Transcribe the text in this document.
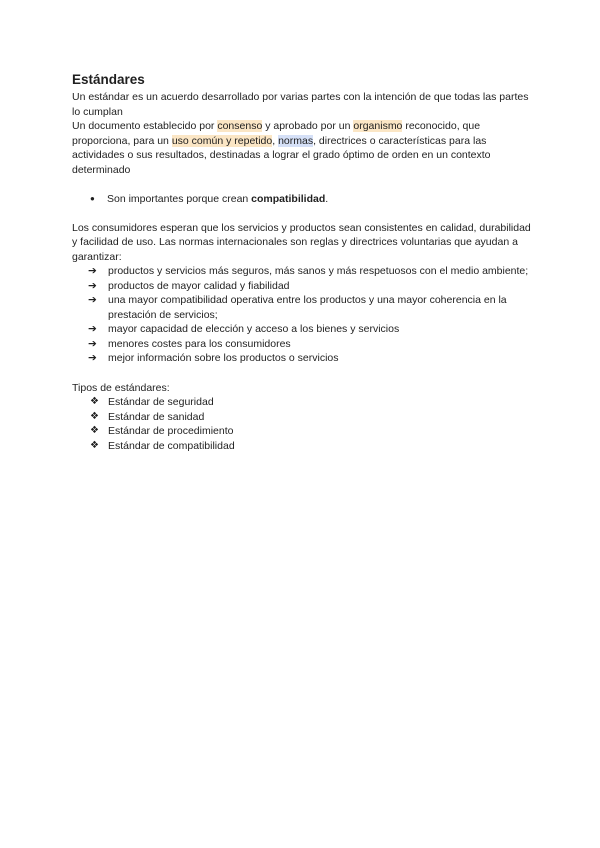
Estándares

Un estándar es un acuerdo desarrollado por varias partes con la intención de que todas las partes lo cumplan

Un documento establecido por consenso y aprobado por un organismo reconocido, que proporciona, para un uso común y repetido, normas, directrices o características para las actividades o sus resultados, destinadas a lograr el grado óptimo de orden en un contexto determinado

● Son importantes porque crean compatibilidad.

Los consumidores esperan que los servicios y productos sean consistentes en calidad, durabilidad y facilidad de uso. Las normas internacionales son reglas y directrices voluntarias que ayudan a garantizar:

➔ productos y servicios más seguros, más sanos y más respetuosos con el medio ambiente;
➔ productos de mayor calidad y fiabilidad
➔ una mayor compatibilidad operativa entre los productos y una mayor coherencia en la prestación de servicios;
➔ mayor capacidad de elección y acceso a los bienes y servicios
➔ menores costes para los consumidores
➔ mejor información sobre los productos o servicios

Tipos de estándares:

❖ Estándar de seguridad
❖ Estándar de sanidad
❖ Estándar de procedimiento
❖ Estándar de compatibilidad
